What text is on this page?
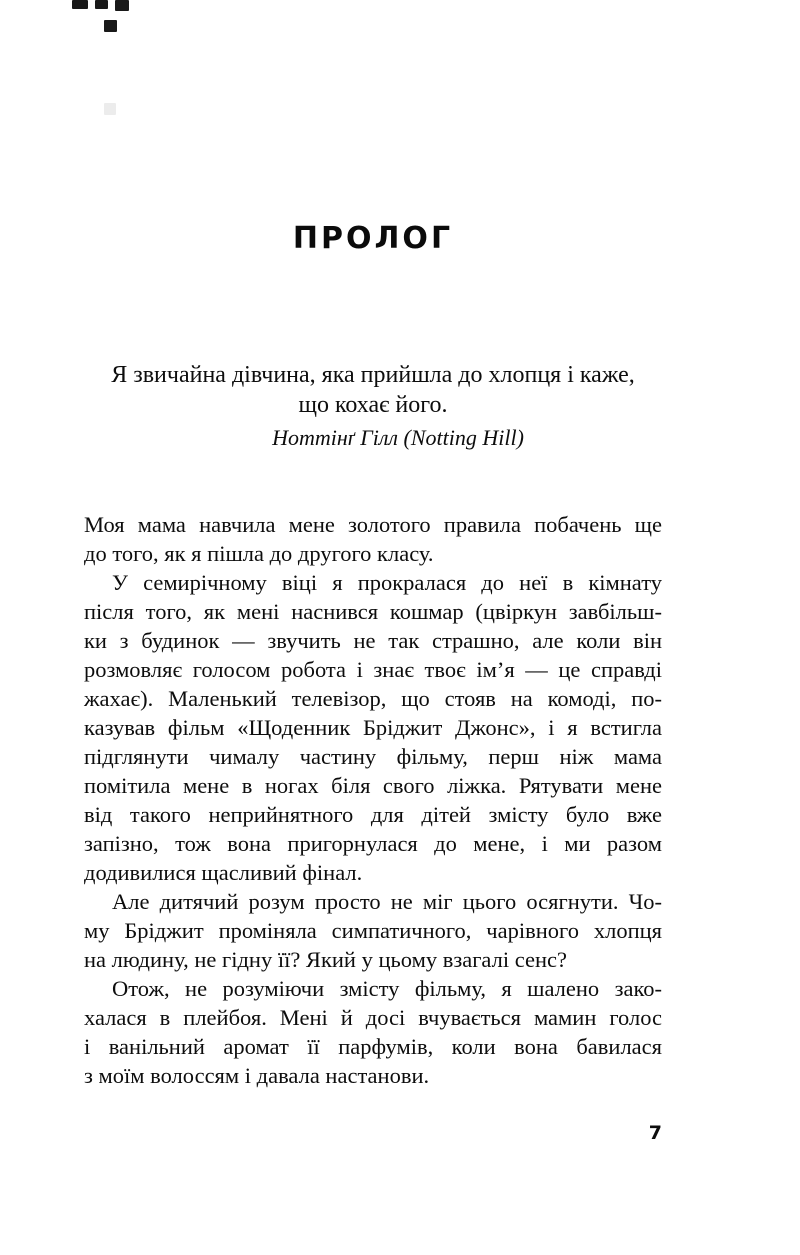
ПРОЛОГ
Я звичайна дівчина, яка прийшла до хлопця і каже,
що кохає його.
Ноттінґ Гілл (Notting Hill)
Моя мама навчила мене золотого правила побачень ще
до того, як я пішла до другого класу.
У семирічному віці я прокралася до неї в кімнату
після того, як мені наснився кошмар (цвіркун завбільш-
ки з будинок — звучить не так страшно, але коли він
розмовляє голосом робота і знає твоє ім’я — це справді
жахає). Маленький телевізор, що стояв на комоді, по-
казував фільм «Щоденник Бріджит Джонс», і я встигла
підглянути чималу частину фільму, перш ніж мама
помітила мене в ногах біля свого ліжка. Рятувати мене
від такого неприйнятного для дітей змісту було вже
запізно, тож вона пригорнулася до мене, і ми разом
додивилися щасливий фінал.
Але дитячий розум просто не міг цього осягнути. Чо-
му Бріджит проміняла симпатичного, чарівного хлопця
на людину, не гідну її? Який у цьому взагалі сенс?
Отож, не розуміючи змісту фільму, я шалено зако-
халася в плейбоя. Мені й досі вчувається мамин голос
і ванільний аромат її парфумів, коли вона бавилася
з моїм волоссям і давала настанови.
7
